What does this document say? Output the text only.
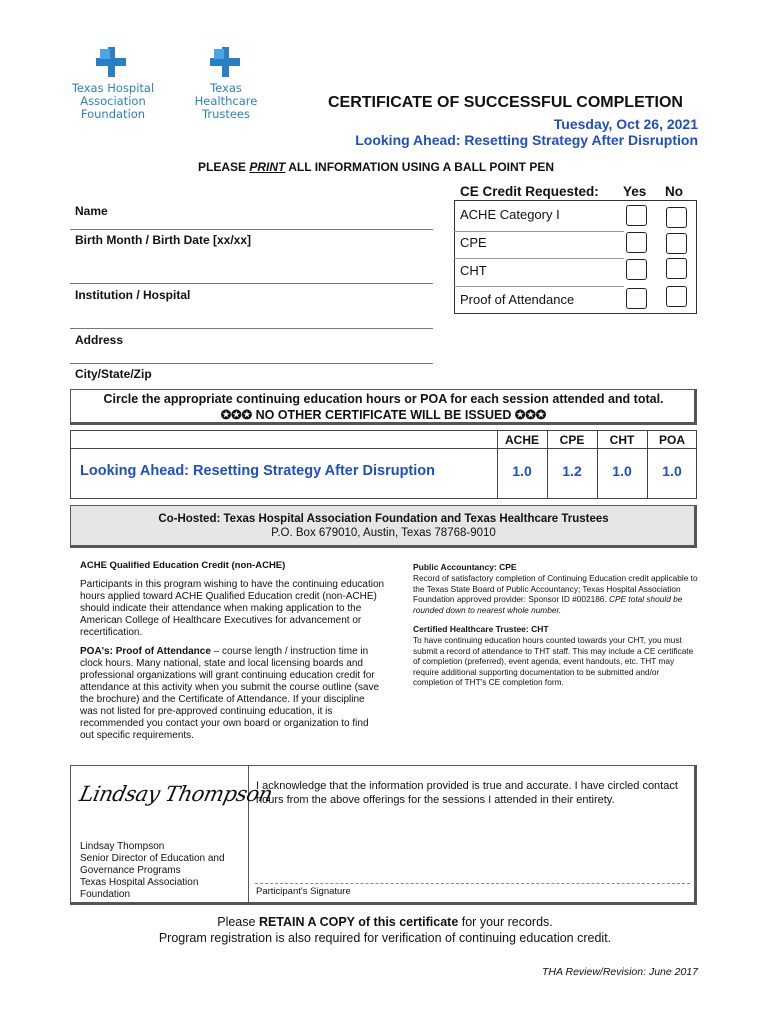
Texas Hospital
Association Foundation
Texas Healthcare
Trustees
CERTIFICATE OF SUCCESSFUL COMPLETION
Tuesday, Oct 26, 2021
Looking Ahead: Resetting Strategy After Disruption
PLEASE PRINT ALL INFORMATION USING A BALL POINT PEN
Name
Birth Month / Birth Date [xx/xx]
Institution / Hospital
Address
City/State/Zip
CE Credit Requested: Yes No
ACHE Category I
CPE
CHT
Proof of Attendance
Circle the appropriate continuing education hours or POA for each session attended and total.
✪✪✪ NO OTHER CERTIFICATE WILL BE ISSUED ✪✪✪
ACHE	CPE	CHT	POA
Looking Ahead: Resetting Strategy After Disruption	1.0	1.2	1.0	1.0
Co-Hosted: Texas Hospital Association Foundation and Texas Healthcare Trustees
P.O. Box 679010, Austin, Texas 78768-9010
ACHE Qualified Education Credit (non-ACHE)
Participants in this program wishing to have the continuing education hours applied toward ACHE Qualified Education credit (non-ACHE) should indicate their attendance when making application to the American College of Healthcare Executives for advancement or recertification.
POA's: Proof of Attendance – course length / instruction time in clock hours. Many national, state and local licensing boards and professional organizations will grant continuing education credit for attendance at this activity when you submit the course outline (save the brochure) and the Certificate of Attendance. If your discipline was not listed for pre-approved continuing education, it is recommended you contact your own board or organization to find out specific requirements.
Public Accountancy: CPE
Record of satisfactory completion of Continuing Education credit applicable to the Texas State Board of Public Accountancy; Texas Hospital Association Foundation approved provider: Sponsor ID #002186. CPE total should be rounded down to nearest whole number.
Certified Healthcare Trustee: CHT
To have continuing education hours counted towards your CHT, you must submit a record of attendance to THT staff. This may include a CE certificate of completion (preferred), event agenda, event handouts, etc. THT may require additional supporting documentation to be submitted and/or completion of THT's CE completion form.
Lindsay Thompson
Lindsay Thompson
Senior Director of Education and
Governance Programs
Texas Hospital Association
Foundation
I acknowledge that the information provided is true and accurate. I have circled contact hours from the above offerings for the sessions I attended in their entirety.
Participant's Signature
Please RETAIN A COPY of this certificate for your records.
Program registration is also required for verification of continuing education credit.
THA Review/Revision: June 2017
